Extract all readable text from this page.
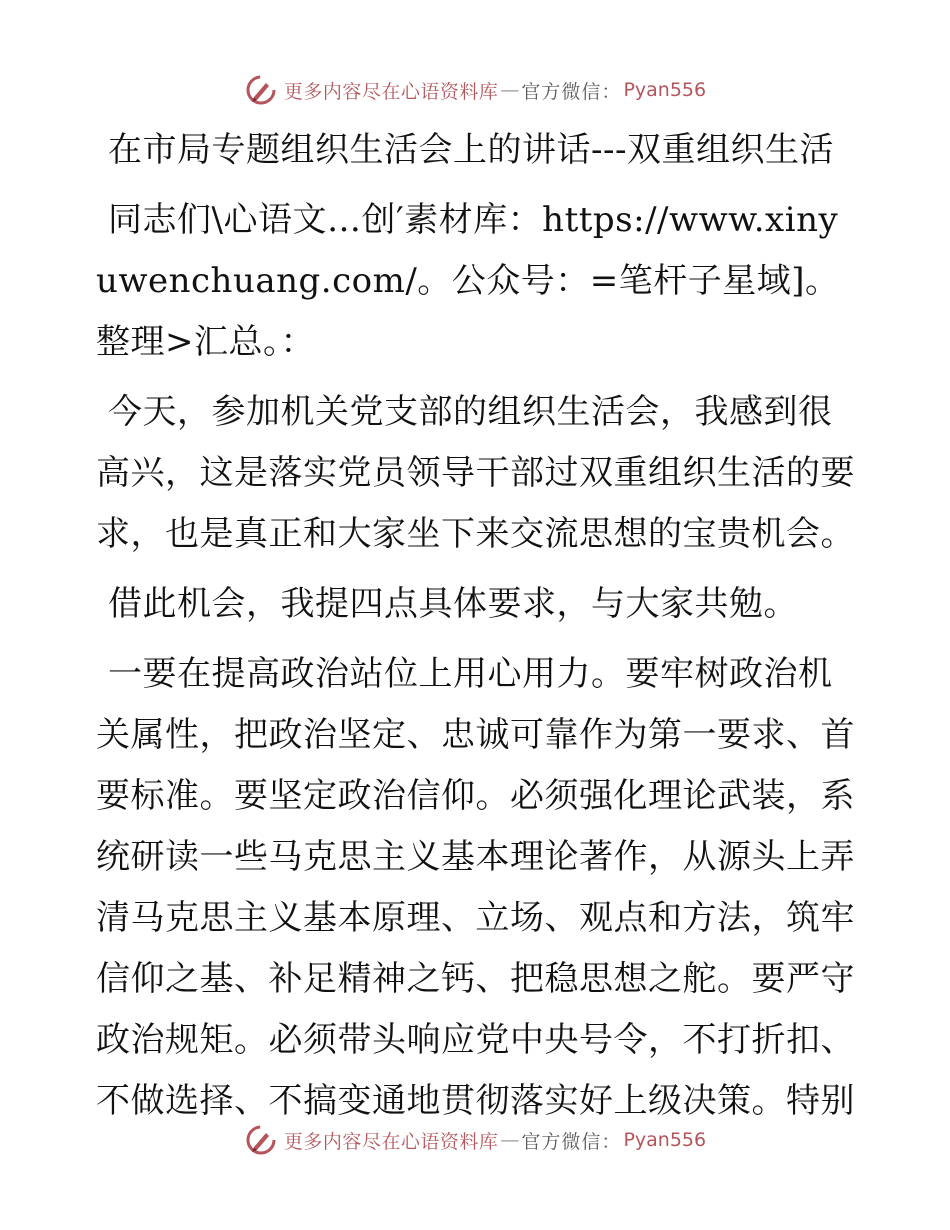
更多内容尽在心语资料库 — 官方微信： Pyan556

在市局专题组织生活会上的讲话---双重组织生活

同志们\心语文…创′素材库：https://www.xinyuwenchuang.com/。公众号：=笔杆子星域]。整理>汇总。：

今天，参加机关党支部的组织生活会，我感到很高兴，这是落实党员领导干部过双重组织生活的要求，也是真正和大家坐下来交流思想的宝贵机会。

借此机会，我提四点具体要求，与大家共勉。

一要在提高政治站位上用心用力。要牢树政治机关属性，把政治坚定、忠诚可靠作为第一要求、首要标准。要坚定政治信仰。必须强化理论武装，系统研读一些马克思主义基本理论著作，从源头上弄清马克思主义基本原理、立场、观点和方法，筑牢信仰之基、补足精神之钙、把稳思想之舵。要严守政治规矩。必须带头响应党中央号令，不打折扣、不做选择、不搞变通地贯彻落实好上级决策。特别

更多内容尽在心语资料库 — 官方微信： Pyan556
